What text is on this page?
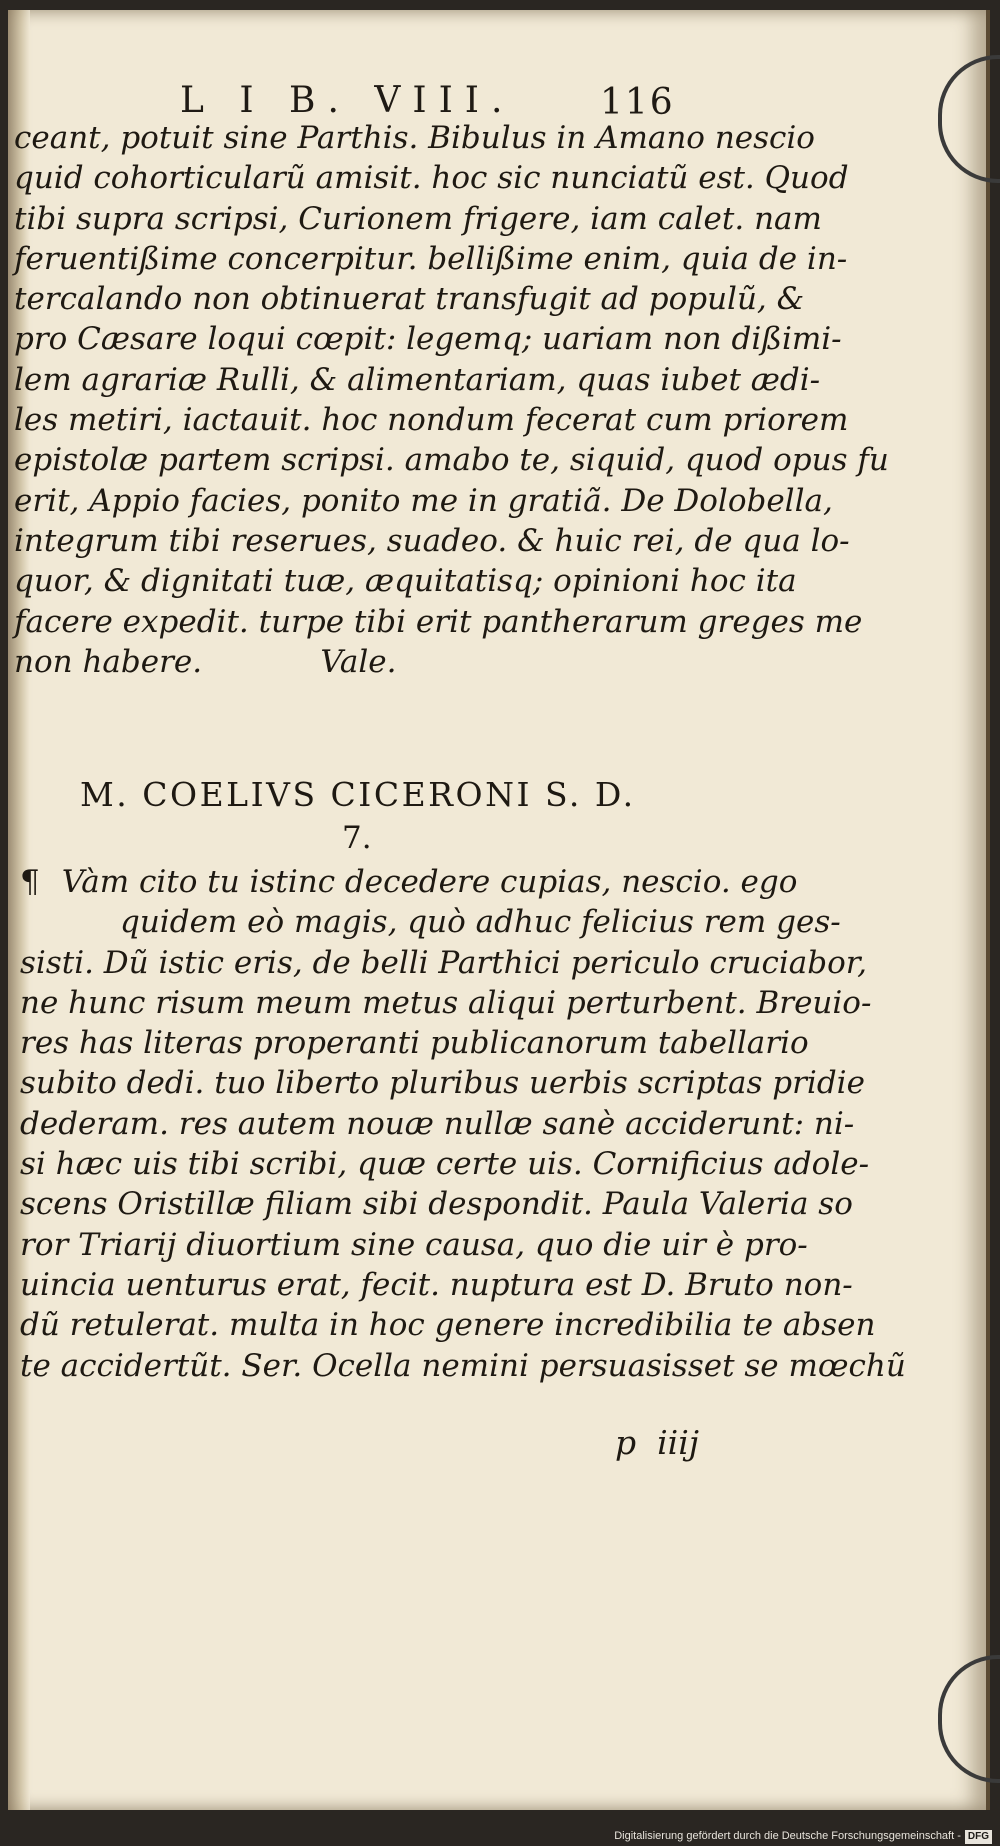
L I B. VIII.	116
ceant, potuit sine Parthis. Bibulus in Amano nescio
quid cohorticularũ amisit. hoc sic nunciatũ est. Quod
tibi supra scripsi, Curionem frigere, iam calet. nam
feruentißime concerpitur. bellißime enim, quia de in-
tercalando non obtinuerat transfugit ad populũ, &
pro Cæsare loqui cœpit: legemq; uariam non dißimi-
lem agrariæ Rulli, & alimentariam, quas iubet ædi-
les metiri, iactauit. hoc nondum fecerat cum priorem
epistolæ partem scripsi. amabo te, siquid, quod opus fu
erit, Appio facies, ponito me in gratiã. De Dolobella,
integrum tibi reserues, suadeo. & huic rei, de qua lo-
quor, & dignitati tuæ, æquitatisq; opinioni hoc ita
facere expedit. turpe tibi erit pantherarum greges me
non habere.            Vale.
M. COELIVS CICERONI S. D.
7.
¶ Vàm cito tu istinc decedere cupias, nescio. ego
quidem eò magis, quò adhuc felicius rem ges-
sisti. Dũ istic eris, de belli Parthici periculo cruciabor,
ne hunc risum meum metus aliqui perturbent. Breuio-
res has literas properanti publicanorum tabellario
subito dedi. tuo liberto pluribus uerbis scriptas pridie
dederam. res autem nouæ nullæ sanè acciderunt: ni-
si hæc uis tibi scribi, quæ certe uis. Cornificius adole-
scens Oristillæ filiam sibi despondit. Paula Valeria so
ror Triarij diuortium sine causa, quo die uir è pro-
uincia uenturus erat, fecit. nuptura est D. Bruto non-
dũ retulerat. multa in hoc genere incredibilia te absen
te accidertũt. Ser. Ocella nemini persuasisset se mœchũ
p  iiij
Digitalisierung gefördert durch die Deutsche Forschungsgemeinschaft - DFG
